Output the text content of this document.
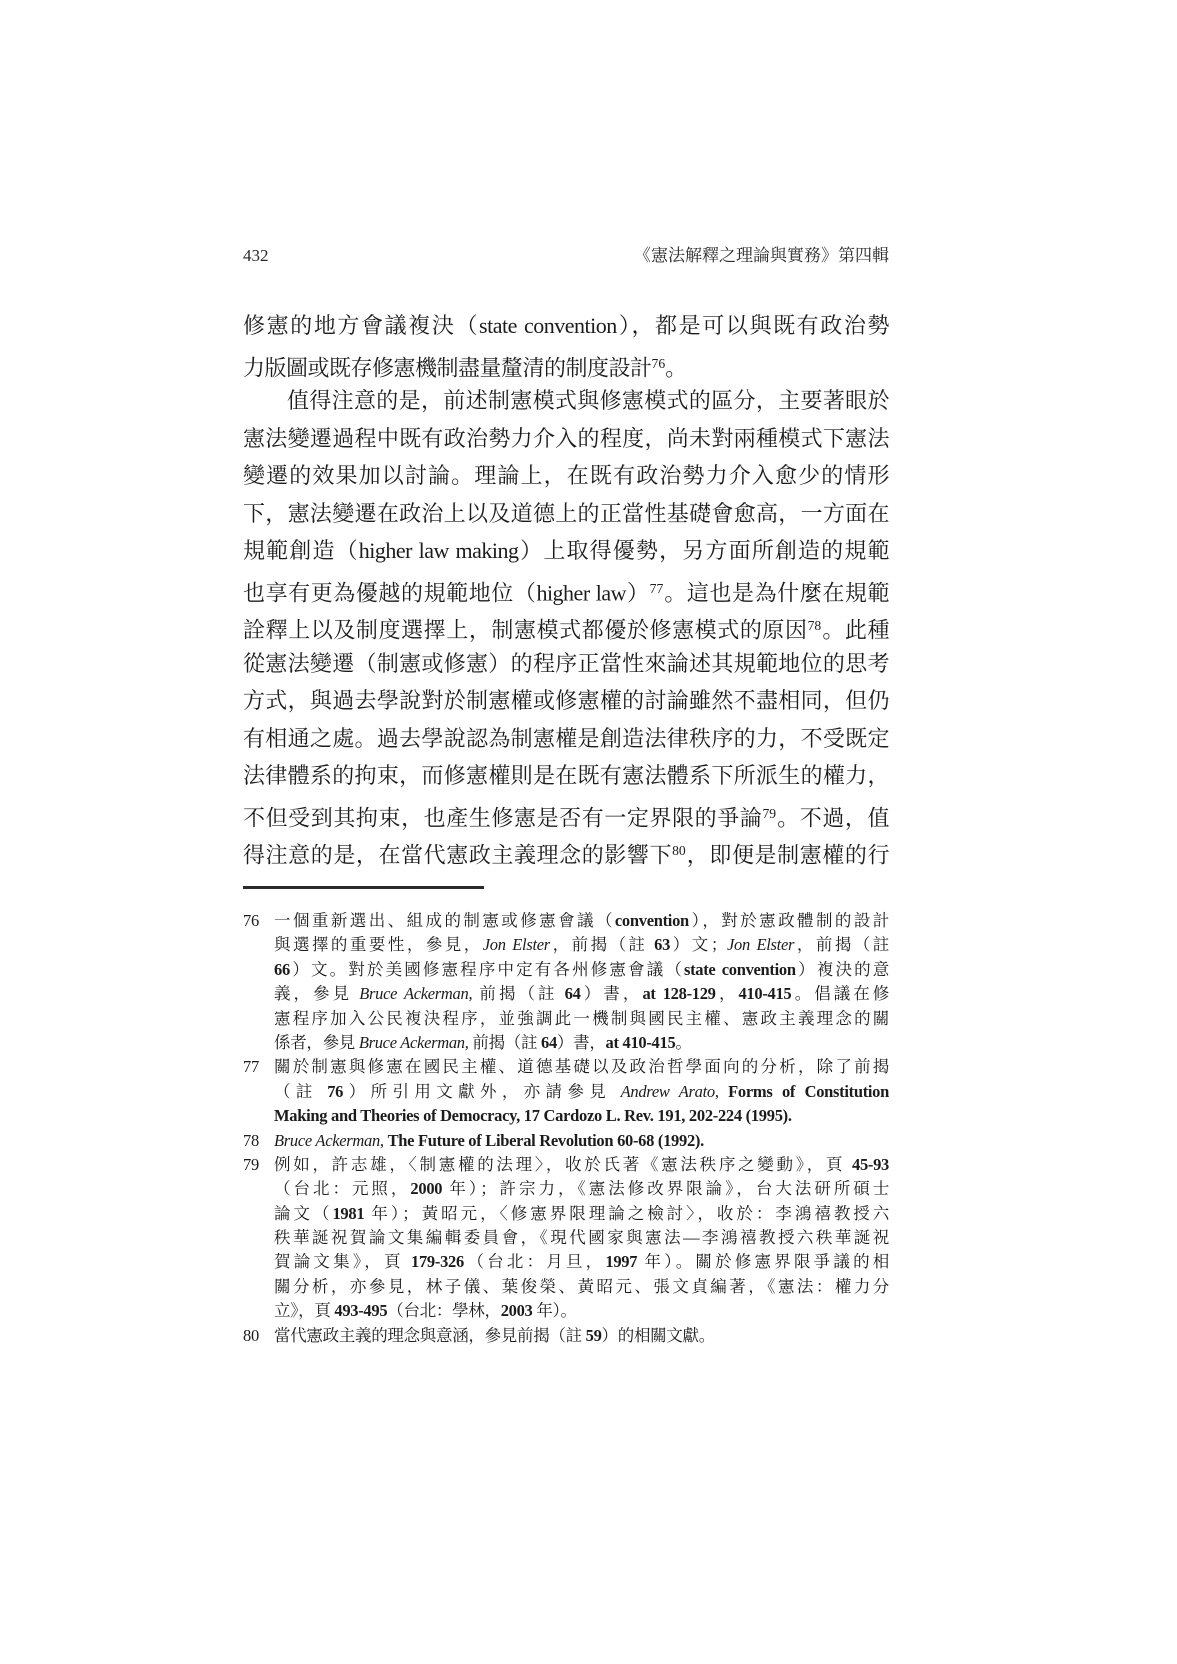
432	《憲法解釋之理論與實務》第四輯
修憲的地方會議複決（state convention），都是可以與既有政治勢
力版圖或既存修憲機制盡量釐清的制度設計$^{76}$。
值得注意的是，前述制憲模式與修憲模式的區分，主要著眼於
憲法變遷過程中既有政治勢力介入的程度，尚未對兩種模式下憲法
變遷的效果加以討論。理論上，在既有政治勢力介入愈少的情形
下，憲法變遷在政治上以及道德上的正當性基礎會愈高，一方面在
規範創造（higher law making）上取得優勢，另方面所創造的規範
也享有更為優越的規範地位（higher law）$^{77}$。這也是為什麼在規範
詮釋上以及制度選擇上，制憲模式都優於修憲模式的原因$^{78}$。此種
從憲法變遷（制憲或修憲）的程序正當性來論述其規範地位的思考
方式，與過去學說對於制憲權或修憲權的討論雖然不盡相同，但仍
有相通之處。過去學說認為制憲權是創造法律秩序的力，不受既定
法律體系的拘束，而修憲權則是在既有憲法體系下所派生的權力，
不但受到其拘束，也產生修憲是否有一定界限的爭論$^{79}$。不過，值
得注意的是，在當代憲政主義理念的影響下$^{80}$，即便是制憲權的行
76 一個重新選出、組成的制憲或修憲會議（convention），對於憲政體制的設計
與選擇的重要性，參見，Jon Elster，前揭（註 63）文；Jon Elster，前揭（註
66）文。對於美國修憲程序中定有各州修憲會議（state convention）複決的意
義，參見 Bruce Ackerman, 前揭（註 64）書，at 128-129，410-415。倡議在修
憲程序加入公民複決程序，並強調此一機制與國民主權、憲政主義理念的關
係者，參見 Bruce Ackerman, 前揭（註 64）書，at 410-415。
77 關於制憲與修憲在國民主權、道德基礎以及政治哲學面向的分析，除了前揭
（註 76）所引用文獻外，亦請參見 Andrew Arato, Forms of Constitution
Making and Theories of Democracy, 17 Cardozo L. Rev. 191, 202-224 (1995).
78 Bruce Ackerman, The Future of Liberal Revolution 60-68 (1992).
79 例如，許志雄，〈制憲權的法理〉，收於氏著《憲法秩序之變動》，頁 45-93
（台北：元照，2000 年）；許宗力，《憲法修改界限論》，台大法研所碩士
論文（1981 年）；黃昭元，〈修憲界限理論之檢討〉，收於：李鴻禧教授六
秩華誕祝賀論文集編輯委員會，《現代國家與憲法—李鴻禧教授六秩華誕祝
賀論文集》，頁 179-326（台北：月旦，1997 年）。關於修憲界限爭議的相
關分析，亦參見，林子儀、葉俊榮、黃昭元、張文貞編著，《憲法：權力分
立》，頁 493-495（台北：學林，2003 年）。
80 當代憲政主義的理念與意涵，參見前揭（註 59）的相關文獻。
